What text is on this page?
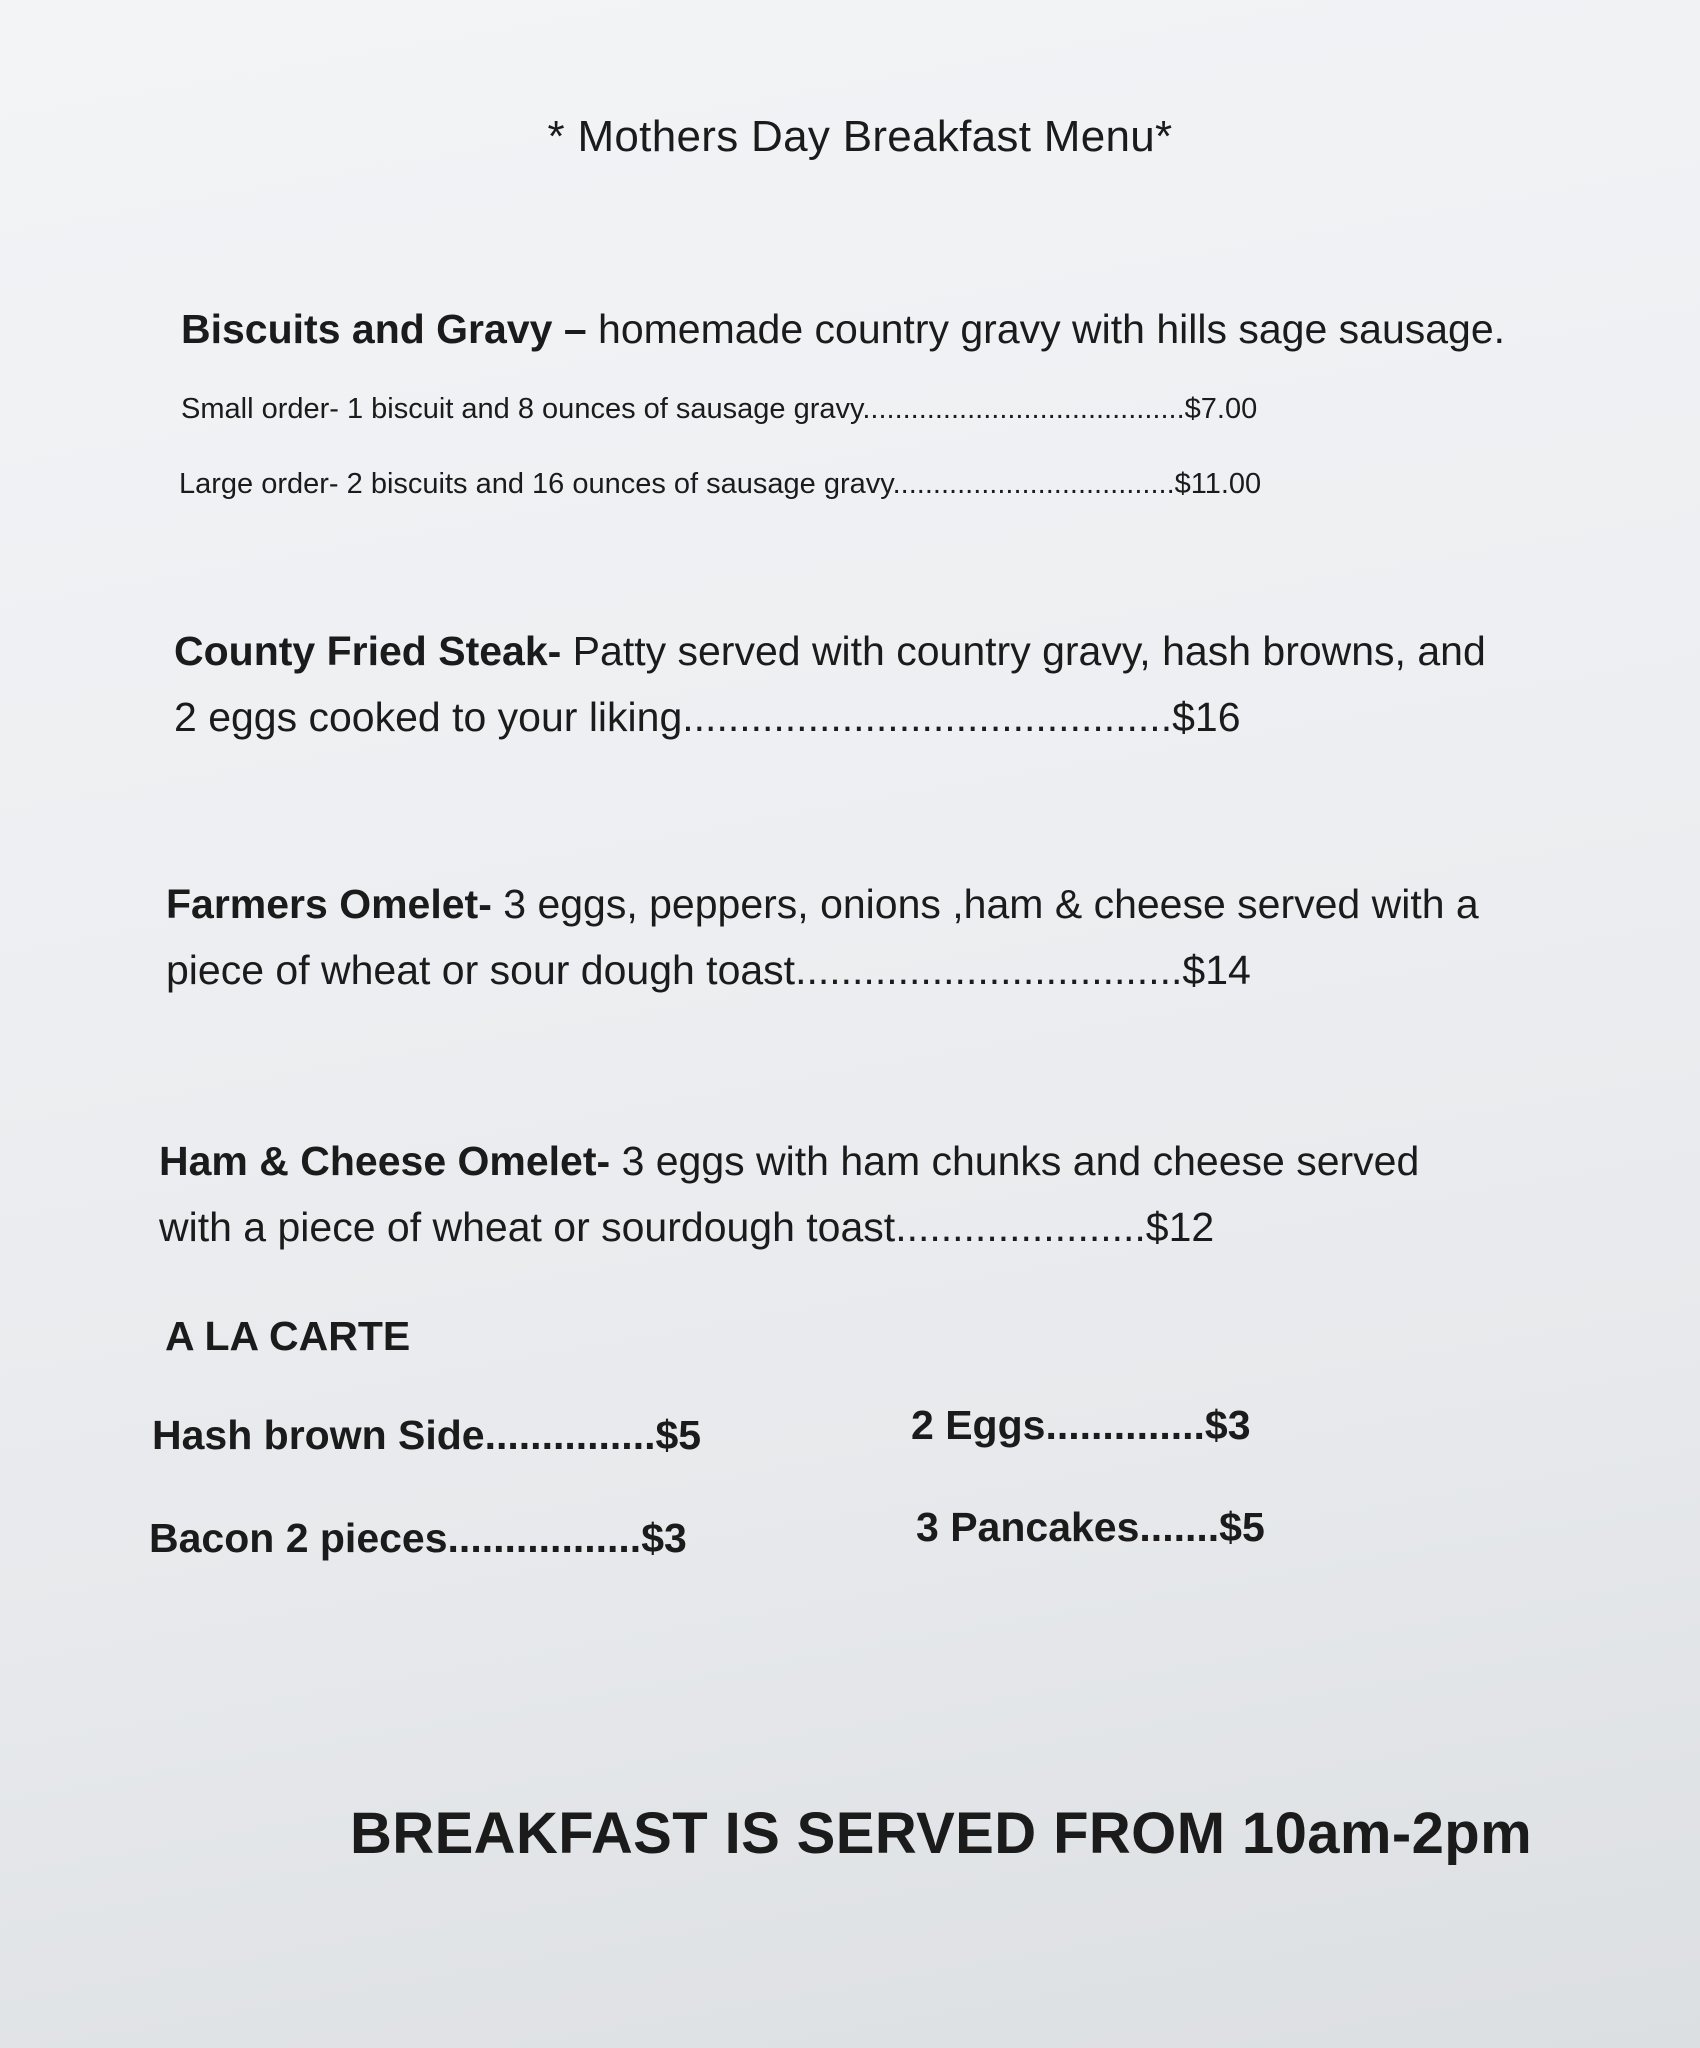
* Mothers Day Breakfast Menu*
Biscuits and Gravy – homemade country gravy with hills sage sausage.
Small order- 1 biscuit and 8 ounces of sausage gravy........................................$7.00
Large order- 2 biscuits and 16 ounces of sausage gravy...................................$11.00
County Fried Steak- Patty served with country gravy, hash browns, and
2 eggs cooked to your liking...........................................$16
Farmers Omelet- 3 eggs, peppers, onions ,ham & cheese served with a
piece of wheat or sour dough toast..................................$14
Ham & Cheese Omelet- 3 eggs with ham chunks and cheese served
with a piece of wheat or sourdough toast......................$12
A LA CARTE
Hash brown Side...............$5	2 Eggs..............$3
Bacon 2 pieces.................$3	3 Pancakes.......$5
BREAKFAST IS SERVED FROM 10am-2pm
